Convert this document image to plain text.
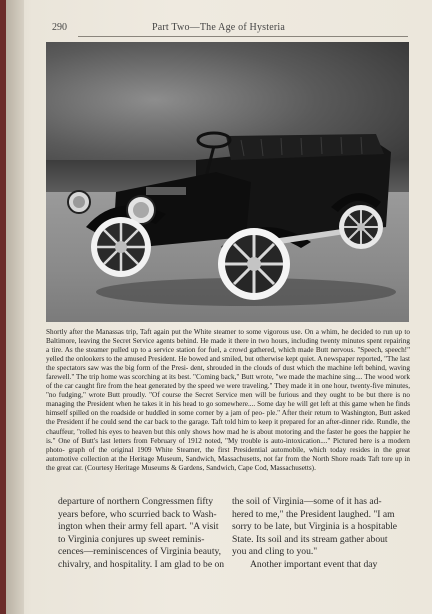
290	Part Two—The Age of Hysteria
Shortly after the Manassas trip, Taft again put the White steamer to some vigorous use. On a whim, he decided to run up to Baltimore, leaving the Secret Service agents behind. He made it there in two hours, including twenty minutes spent repairing a tire. As the steamer pulled up to a service station for fuel, a crowd gathered, which made Butt nervous. "Speech, speech!" yelled the onlookers to the amused President. He bowed and smiled, but otherwise kept quiet. A newspaper reported, "The last the spectators saw was the big form of the Presi- dent, shrouded in the clouds of dust which the machine left behind, waving farewell." The trip home was scorching at its best. "Coming back," Butt wrote, "we made the machine sing.... The wood work of the car caught fire from the heat generated by the speed we were traveling." They made it in one hour, twenty-five minutes, "no fudging," wrote Butt proudly. "Of course the Secret Service men will be furious and they ought to be but there is no managing the President when he takes it in his head to go somewhere.... Some day he will get left at this game when he finds himself spilled on the roadside or huddled in some corner by a jam of peo- ple." After their return to Washington, Butt asked the President if he could send the car back to the garage. Taft told him to keep it prepared for an after-dinner ride. Rundle, the chauffeur, "rolled his eyes to heaven but this only shows how mad he is about motoring and the faster he goes the happier he is." One of Butt's last letters from February of 1912 noted, "My trouble is auto-intoxication...." Pictured here is a modern photo- graph of the original 1909 White Steamer, the first Presidential automobile, which today resides in the great automotive collection at the Heritage Museum, Sandwich, Massachusetts, not far from the North Shore roads Taft tore up in the great car. (Courtesy Heritage Museums & Gardens, Sandwich, Cape Cod, Massachusetts).
departure of northern Congressmen fifty
years before, who scurried back to Wash-
ington when their army fell apart. "A visit
to Virginia conjures up sweet reminis-
cences—reminiscences of Virginia beauty,
chivalry, and hospitality. I am glad to be on
the soil of Virginia—some of it has ad-
hered to me," the President laughed. "I am
sorry to be late, but Virginia is a hospitable
State. Its soil and its stream gather about
you and cling to you."
Another important event that day
